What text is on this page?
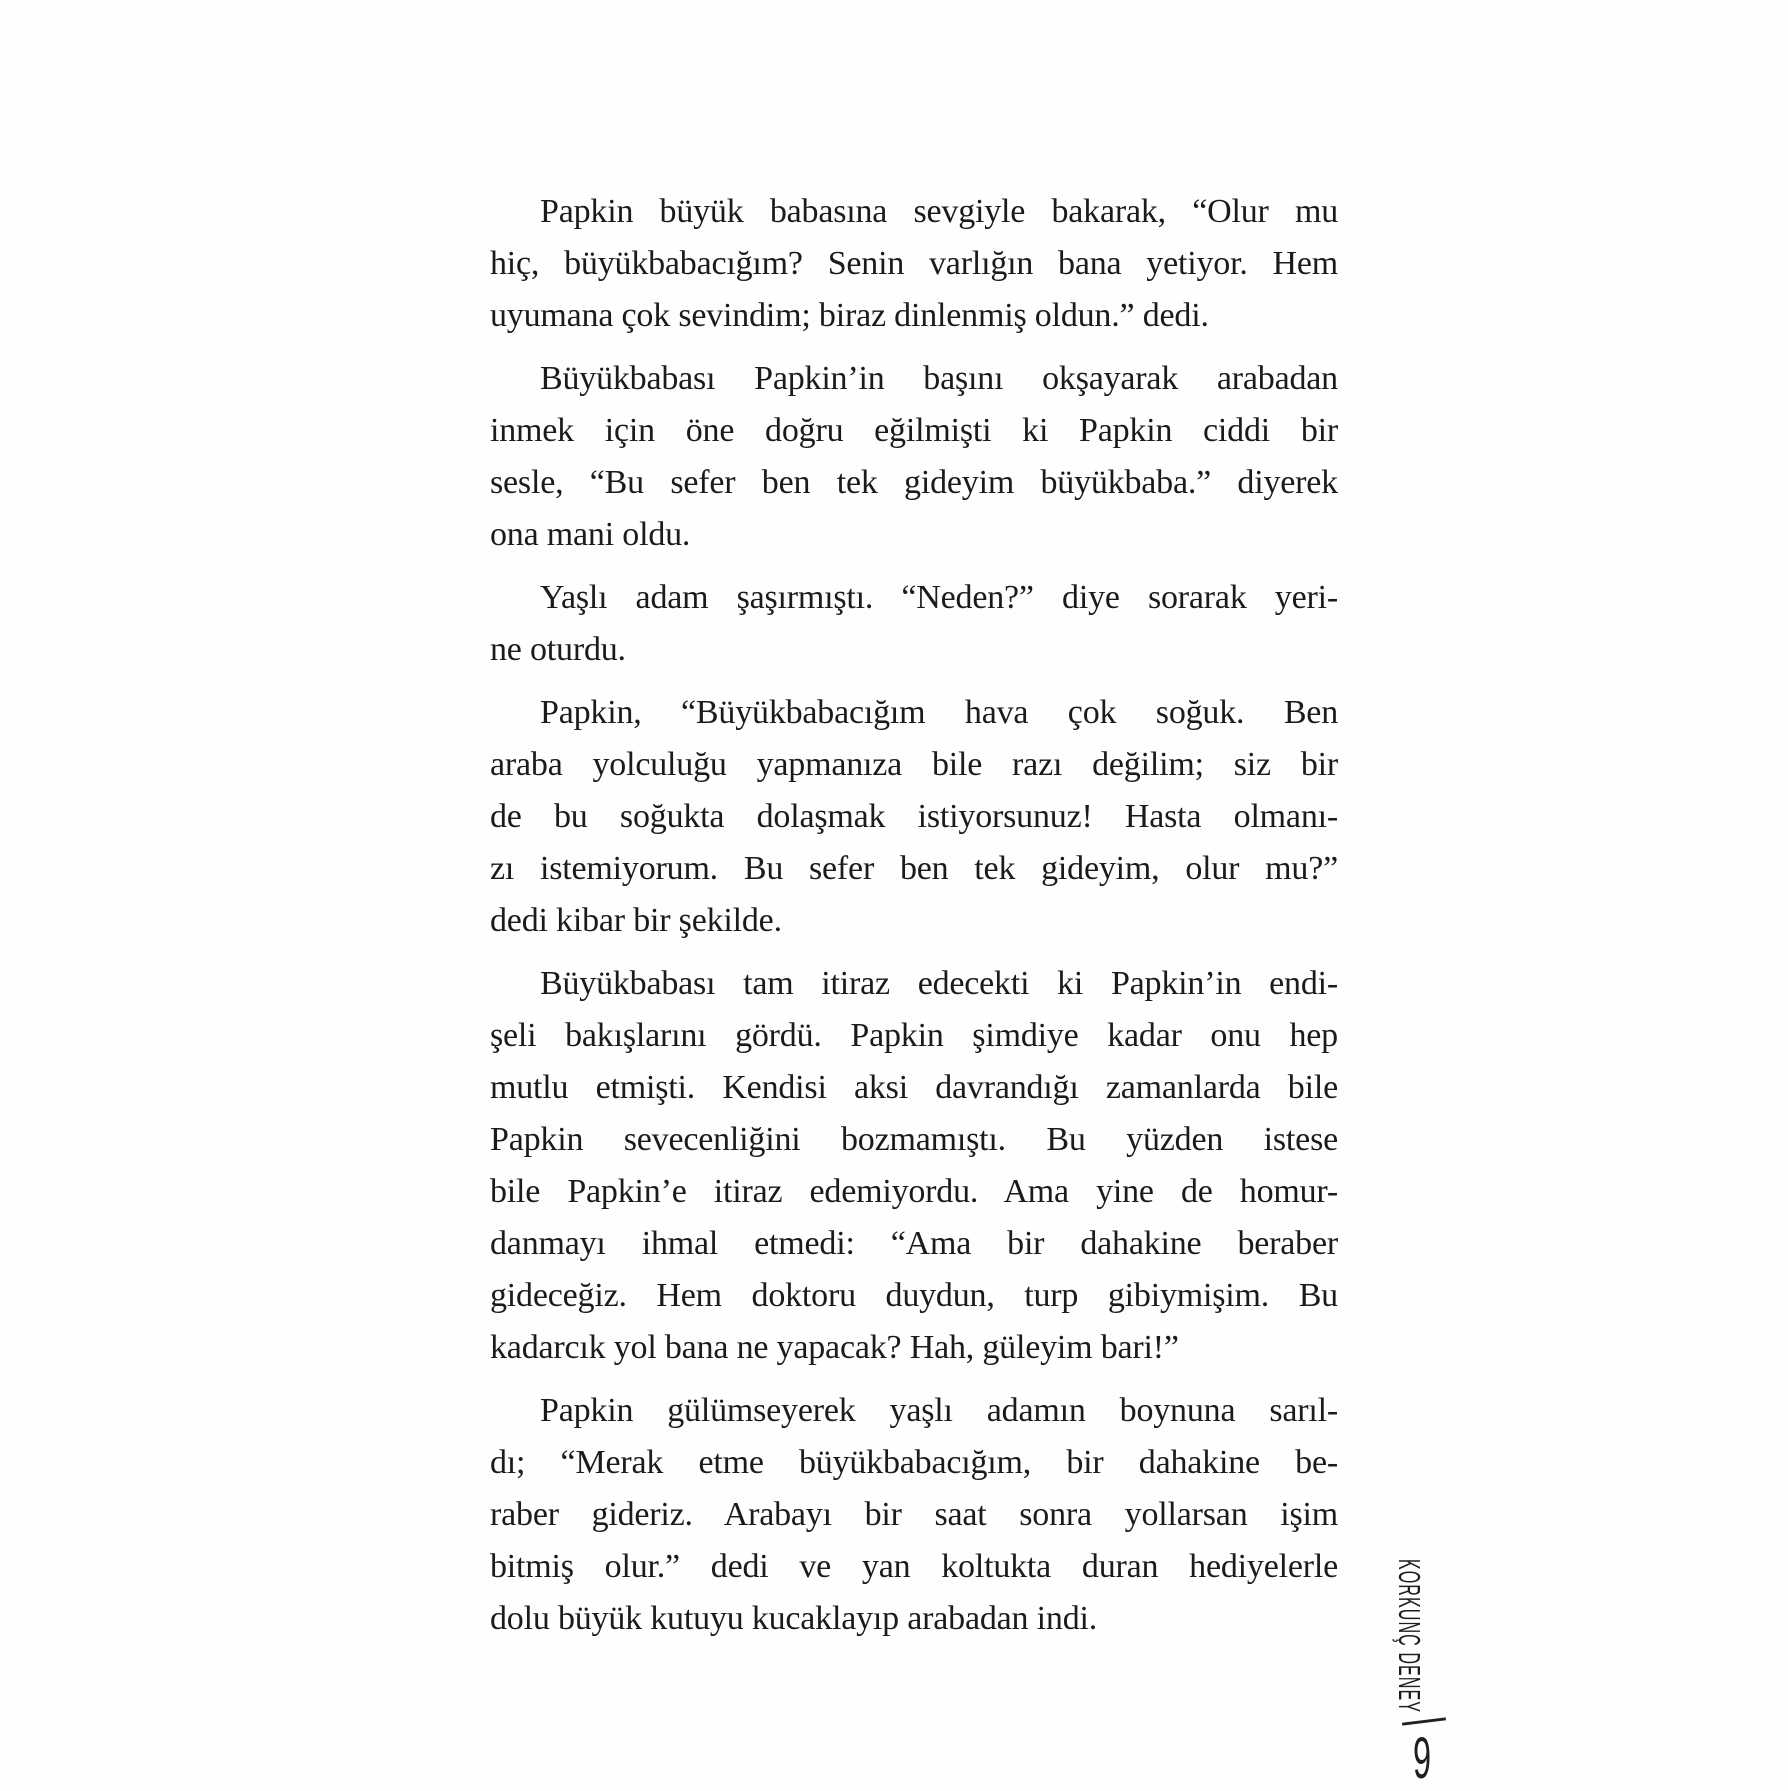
Papkin büyük babasına sevgiyle bakarak, “Olur mu
hiç, büyükbabacığım? Senin varlığın bana yetiyor. Hem
uyumana çok sevindim; biraz dinlenmiş oldun.” dedi.
Büyükbabası Papkin’in başını okşayarak arabadan
inmek için öne doğru eğilmişti ki Papkin ciddi bir
sesle, “Bu sefer ben tek gideyim büyükbaba.” diyerek
ona mani oldu.
Yaşlı adam şaşırmıştı. “Neden?” diye sorarak yeri-
ne oturdu.
Papkin, “Büyükbabacığım hava çok soğuk. Ben
araba yolculuğu yapmanıza bile razı değilim; siz bir
de bu soğukta dolaşmak istiyorsunuz! Hasta olmanı-
zı istemiyorum. Bu sefer ben tek gideyim, olur mu?”
dedi kibar bir şekilde.
Büyükbabası tam itiraz edecekti ki Papkin’in endi-
şeli bakışlarını gördü. Papkin şimdiye kadar onu hep
mutlu etmişti. Kendisi aksi davrandığı zamanlarda bile
Papkin sevecenliğini bozmamıştı. Bu yüzden istese
bile Papkin’e itiraz edemiyordu. Ama yine de homur-
danmayı ihmal etmedi: “Ama bir dahakine beraber
gideceğiz. Hem doktoru duydun, turp gibiymişim. Bu
kadarcık yol bana ne yapacak? Hah, güleyim bari!”
Papkin gülümseyerek yaşlı adamın boynuna sarıl-
dı; “Merak etme büyükbabacığım, bir dahakine be-
raber gideriz. Arabayı bir saat sonra yollarsan işim
bitmiş olur.” dedi ve yan koltukta duran hediyelerle
dolu büyük kutuyu kucaklayıp arabadan indi.	KORKUNÇ DENEY
9
